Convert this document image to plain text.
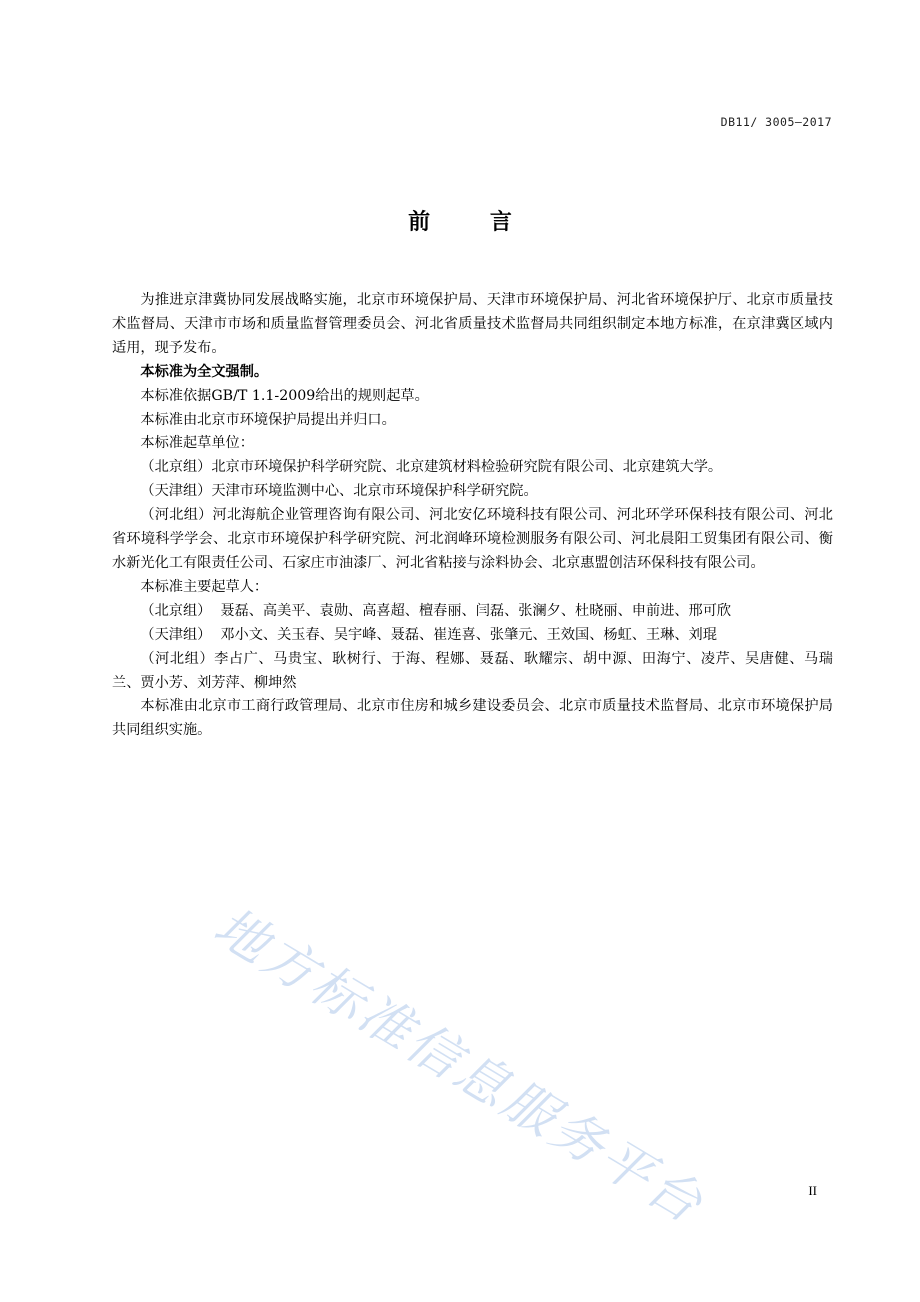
DB11/ 3005—2017
前 言

为推进京津冀协同发展战略实施，北京市环境保护局、天津市环境保护局、河北省环境保护厅、北京市质量技术监督局、天津市市场和质量监督管理委员会、河北省质量技术监督局共同组织制定本地方标准，在京津冀区域内适用，现予发布。

本标准为全文强制。

本标准依据GB/T 1.1-2009给出的规则起草。

本标准由北京市环境保护局提出并归口。

本标准起草单位：

（北京组）北京市环境保护科学研究院、北京建筑材料检验研究院有限公司、北京建筑大学。

（天津组）天津市环境监测中心、北京市环境保护科学研究院。

（河北组）河北海航企业管理咨询有限公司、河北安亿环境科技有限公司、河北环学环保科技有限公司、河北省环境科学学会、北京市环境保护科学研究院、河北润峰环境检测服务有限公司、河北晨阳工贸集团有限公司、衡水新光化工有限责任公司、石家庄市油漆厂、河北省粘接与涂料协会、北京惠盟创洁环保科技有限公司。

本标准主要起草人：

（北京组）  聂磊、高美平、袁勋、高喜超、檀春丽、闫磊、张澜夕、杜晓丽、申前进、邢可欣

（天津组）  邓小文、关玉春、吴宇峰、聂磊、崔连喜、张肇元、王效国、杨虹、王琳、刘琨

（河北组）李占广、马贵宝、耿树行、于海、程娜、聂磊、耿耀宗、胡中源、田海宁、凌芹、吴唐健、马瑞兰、贾小芳、刘芳萍、柳坤然

本标准由北京市工商行政管理局、北京市住房和城乡建设委员会、北京市质量技术监督局、北京市环境保护局共同组织实施。

地方标准信息服务平台	II
